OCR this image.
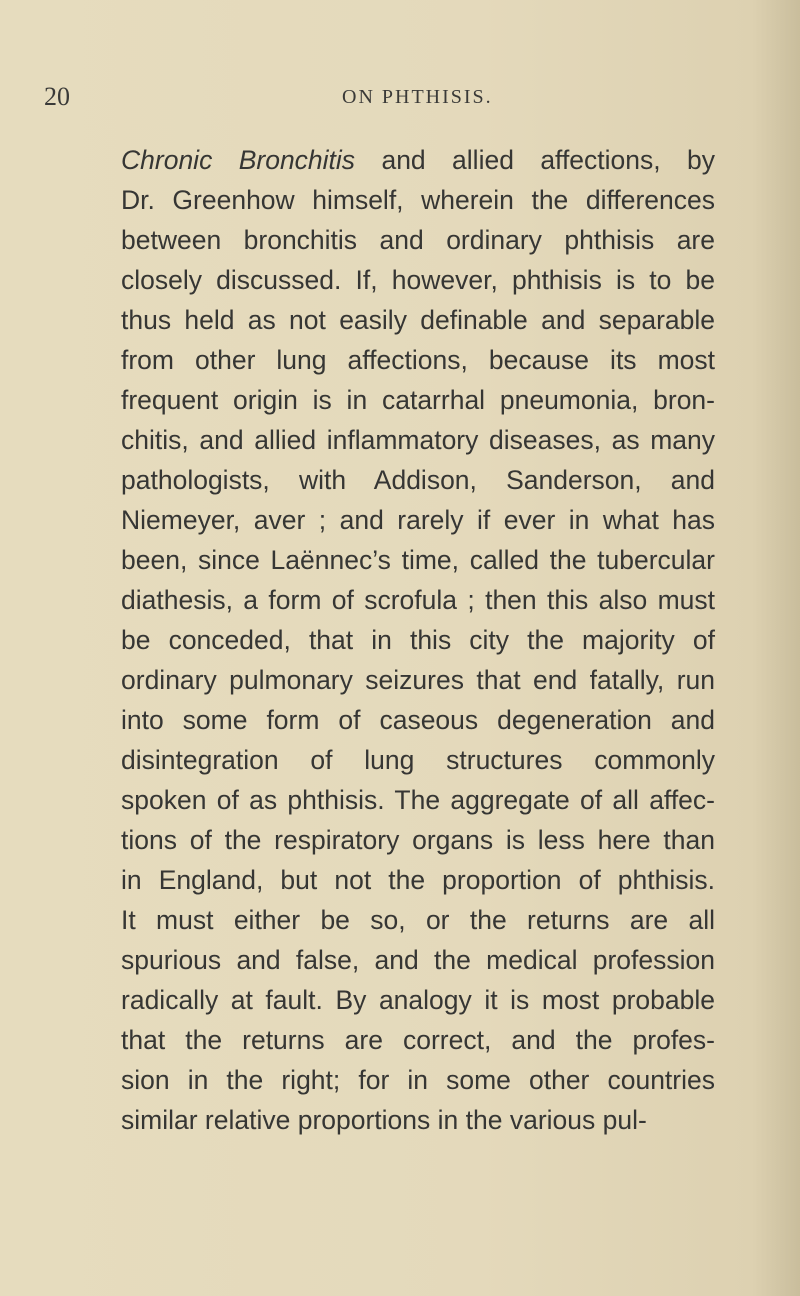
20	ON PHTHISIS.
Chronic Bronchitis and allied affections, by
Dr. Greenhow himself, wherein the differences
between bronchitis and ordinary phthisis are
closely discussed. If, however, phthisis is to be
thus held as not easily definable and separable
from other lung affections, because its most
frequent origin is in catarrhal pneumonia, bron-
chitis, and allied inflammatory diseases, as many
pathologists, with Addison, Sanderson, and
Niemeyer, aver ; and rarely if ever in what has
been, since Laënnec’s time, called the tubercular
diathesis, a form of scrofula ; then this also must
be conceded, that in this city the majority of
ordinary pulmonary seizures that end fatally, run
into some form of caseous degeneration and
disintegration of lung structures commonly
spoken of as phthisis. The aggregate of all affec-
tions of the respiratory organs is less here than
in England, but not the proportion of phthisis.
It must either be so, or the returns are all
spurious and false, and the medical profession
radically at fault. By analogy it is most probable
that the returns are correct, and the profes-
sion in the right; for in some other countries
similar relative proportions in the various pul-
